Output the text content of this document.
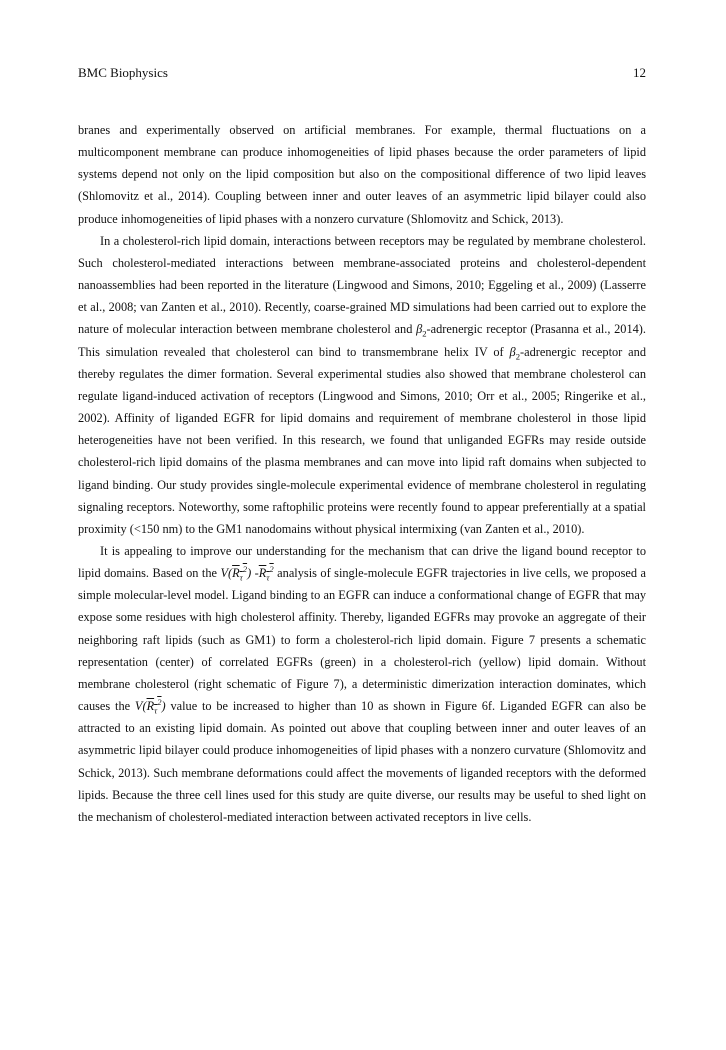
BMC Biophysics	12

branes and experimentally observed on artificial membranes. For example, thermal fluctuations on a multicomponent membrane can produce inhomogeneities of lipid phases because the order parameters of lipid systems depend not only on the lipid composition but also on the compositional difference of two lipid leaves (Shlomovitz et al., 2014). Coupling between inner and outer leaves of an asymmetric lipid bilayer could also produce inhomogeneities of lipid phases with a nonzero curvature (Shlomovitz and Schick, 2013).

In a cholesterol-rich lipid domain, interactions between receptors may be regulated by membrane cholesterol. Such cholesterol-mediated interactions between membrane-associated proteins and cholesterol-dependent nanoassemblies had been reported in the literature (Lingwood and Simons, 2010; Eggeling et al., 2009) (Lasserre et al., 2008; van Zanten et al., 2010). Recently, coarse-grained MD simulations had been carried out to explore the nature of molecular interaction between membrane cholesterol and $\beta_2$-adrenergic receptor (Prasanna et al., 2014). This simulation revealed that cholesterol can bind to transmembrane helix IV of $\beta_2$-adrenergic receptor and thereby regulates the dimer formation. Several experimental studies also showed that membrane cholesterol can regulate ligand-induced activation of receptors (Lingwood and Simons, 2010; Orr et al., 2005; Ringerike et al., 2002). Affinity of liganded EGFR for lipid domains and requirement of membrane cholesterol in those lipid heterogeneities have not been verified. In this research, we found that unliganded EGFRs may reside outside cholesterol-rich lipid domains of the plasma membranes and can move into lipid raft domains when subjected to ligand binding. Our study provides single-molecule experimental evidence of membrane cholesterol in regulating signaling receptors. Noteworthy, some raftophilic proteins were recently found to appear preferentially at a spatial proximity (<150 nm) to the GM1 nanodomains without physical intermixing (van Zanten et al., 2010).

It is appealing to improve our understanding for the mechanism that can drive the ligand bound receptor to lipid domains. Based on the $V(R_\tau^2)$ $-R_\tau^2$ analysis of single-molecule EGFR trajectories in live cells, we proposed a simple molecular-level model. Ligand binding to an EGFR can induce a conformational change of EGFR that may expose some residues with high cholesterol affinity. Thereby, liganded EGFRs may provoke an aggregate of their neighboring raft lipids (such as GM1) to form a cholesterol-rich lipid domain. Figure 7 presents a schematic representation (center) of correlated EGFRs (green) in a cholesterol-rich (yellow) lipid domain. Without membrane cholesterol (right schematic of Figure 7), a deterministic dimerization interaction dominates, which causes the $V(R_\tau^2)$ value to be increased to higher than 10 as shown in Figure 6f. Liganded EGFR can also be attracted to an existing lipid domain. As pointed out above that coupling between inner and outer leaves of an asymmetric lipid bilayer could produce inhomogeneities of lipid phases with a nonzero curvature (Shlomovitz and Schick, 2013). Such membrane deformations could affect the movements of liganded receptors with the deformed lipids. Because the three cell lines used for this study are quite diverse, our results may be useful to shed light on the mechanism of cholesterol-mediated interaction between activated receptors in live cells.
